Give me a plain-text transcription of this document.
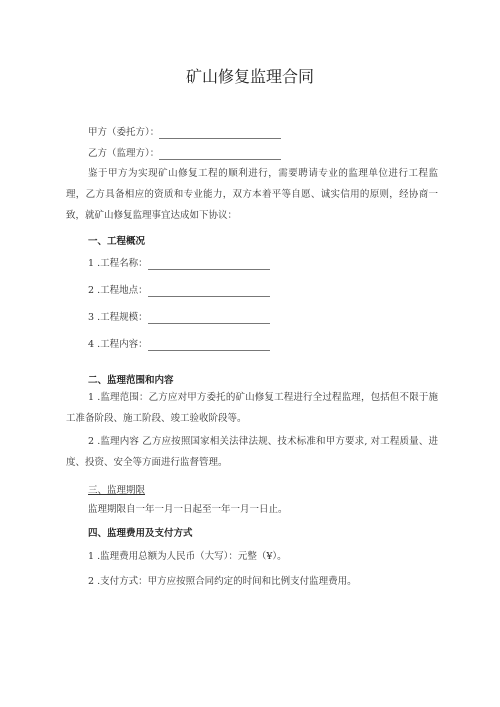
矿山修复监理合同
甲方（委托方）：
乙方（监理方）：
鉴于甲方为实现矿山修复工程的顺利进行，需要聘请专业的监理单位进行工程监理，乙方具备相应的资质和专业能力，双方本着平等自愿、诚实信用的原则，经协商一致，就矿山修复监理事宜达成如下协议：
一、工程概况
1 .工程名称：
2 .工程地点：
3 .工程规模：
4 .工程内容：
二、监理范围和内容
1 .监理范围：乙方应对甲方委托的矿山修复工程进行全过程监理，包括但不限于施工准备阶段、施工阶段、竣工验收阶段等。
2 .监理内容 乙方应按照国家相关法律法规、技术标准和甲方要求, 对工程质量、进度、投资、安全等方面进行监督管理。
三、监理期限
监理期限自一年一月一日起至一年一月一日止。
四、监理费用及支付方式
1 .监理费用总额为人民币（大写）：元整（¥）。
2 .支付方式：甲方应按照合同约定的时间和比例支付监理费用。
